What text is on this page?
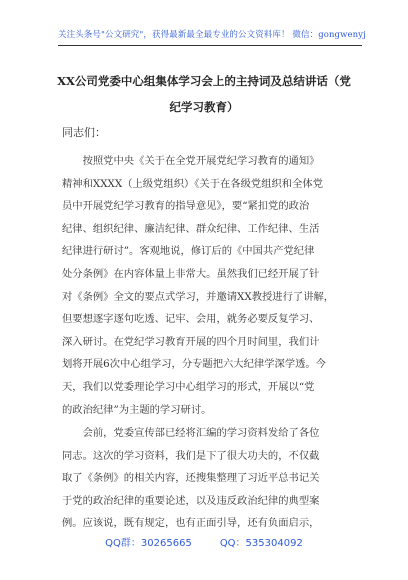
关注头条号"公文研究"，获得最新最全最专业的公文资料库！ 微信：gongwenyj
XX公司党委中心组集体学习会上的主持词及总结讲话（党
纪学习教育）
同志们：
　　按照党中央《关于在全党开展党纪学习教育的通知》
精神和XXXX（上级党组织）《关于在各级党组织和全体党
员中开展党纪学习教育的指导意见》，要“紧扣党的政治
纪律、组织纪律、廉洁纪律、群众纪律、工作纪律、生活
纪律进行研讨”。客观地说，修订后的《中国共产党纪律
处分条例》在内容体量上非常大。虽然我们已经开展了针
对《条例》全文的要点式学习，并邀请XX教授进行了讲解，
但要想逐字逐句吃透、记牢、会用，就务必要反复学习、
深入研讨。在党纪学习教育开展的四个月时间里，我们计
划将开展6次中心组学习，分专题把六大纪律学深学透。今
天，我们以党委理论学习中心组学习的形式，开展以“党
的政治纪律”为主题的学习研讨。
　　会前，党委宣传部已经将汇编的学习资料发给了各位
同志。这次的学习资料，我们是下了很大功夫的，不仅截
取了《条例》的相关内容，还搜集整理了习近平总书记关
于党的政治纪律的重要论述，以及违反政治纪律的典型案
例。应该说，既有规定，也有正面引导，还有负面启示，
QQ群：30265665	QQ：535304092
